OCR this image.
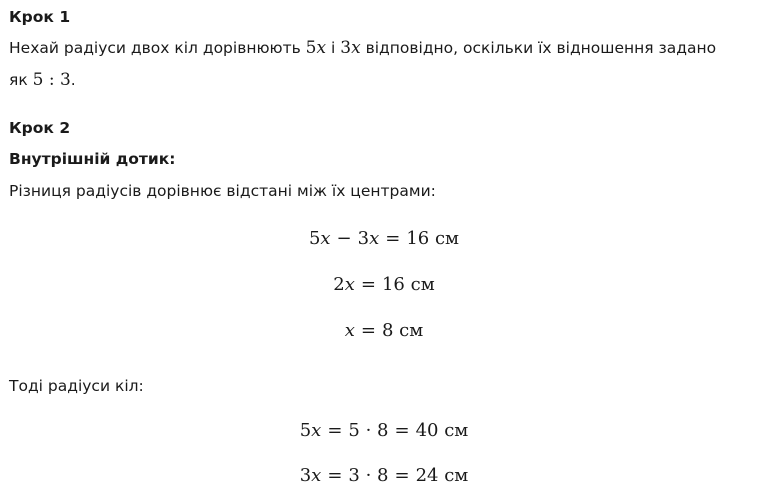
Крок 1
Нехай радіуси двох кіл дорівнюють 5x і 3x відповідно, оскільки їх відношення задано
як 5 : 3.
Крок 2
Внутрішній дотик:
Різниця радіусів дорівнює відстані між їх центрами:
5x − 3x = 16 см
2x = 16 см
x = 8 см
Тоді радіуси кіл:
5x = 5 · 8 = 40 см
3x = 3 · 8 = 24 см
